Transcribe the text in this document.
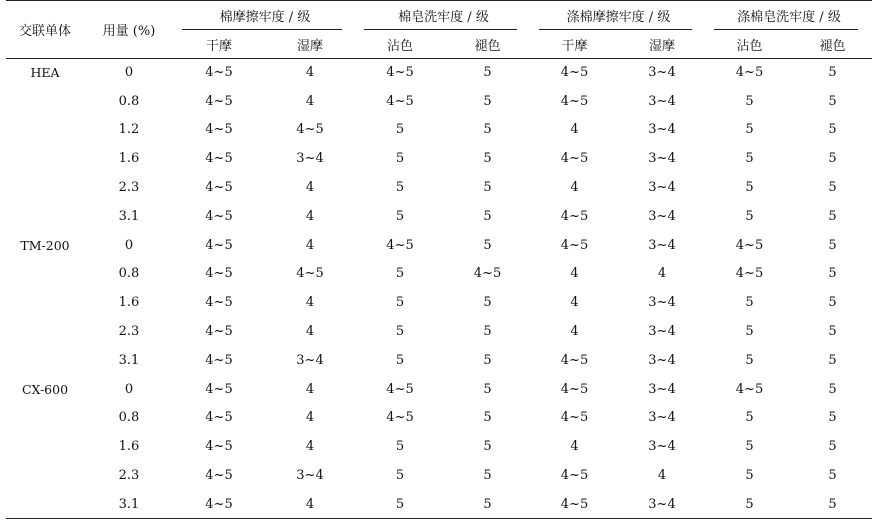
交联单体	用量 (%)	棉摩擦牢度 / 级		棉皂洗牢度 / 级		涤棉摩擦牢度 / 级		涤棉皂洗牢度 / 级	

		干摩	湿摩	沾色	褪色	干摩	湿摩	沾色	褪色
HEA	0	4~5	4	4~5	5	4~5	3~4	4~5	5
	0.8	4~5	4	4~5	5	4~5	3~4	5	5
	1.2	4~5	4~5	5	5	4	3~4	5	5
	1.6	4~5	3~4	5	5	4~5	3~4	5	5
	2.3	4~5	4	5	5	4	3~4	5	5
	3.1	4~5	4	5	5	4~5	3~4	5	5
TM-200	0	4~5	4	4~5	5	4~5	3~4	4~5	5
	0.8	4~5	4~5	5	4~5	4	4	4~5	5
	1.6	4~5	4	5	5	4	3~4	5	5
	2.3	4~5	4	5	5	4	3~4	5	5
	3.1	4~5	3~4	5	5	4~5	3~4	5	5
CX-600	0	4~5	4	4~5	5	4~5	3~4	4~5	5
	0.8	4~5	4	4~5	5	4~5	3~4	5	5
	1.6	4~5	4	5	5	4	3~4	5	5
	2.3	4~5	3~4	5	5	4~5	4	5	5
	3.1	4~5	4	5	5	4~5	3~4	5	5
